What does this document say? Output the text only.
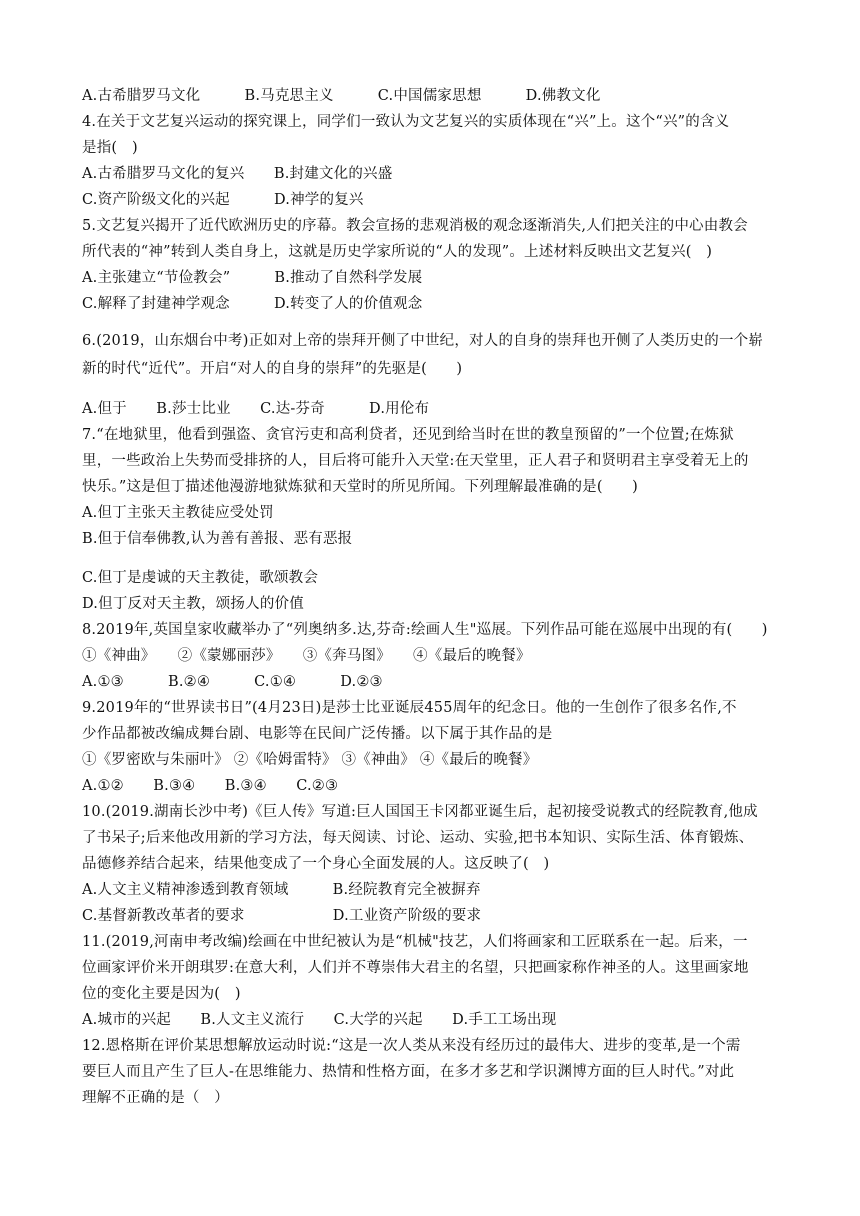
A.古希腊罗马文化　　　B.马克思主义　　　C.中国儒家思想　　　D.佛教文化
4.在关于文艺复兴运动的探究课上，同学们一致认为文艺复兴的实质体现在“兴”上。这个“兴”的含义
是指(　)
A.古希腊罗马文化的复兴　　B.封建文化的兴盛
C.资产阶级文化的兴起　　　D.神学的复兴
5.文艺复兴揭开了近代欧洲历史的序幕。教会宣扬的悲观消极的观念逐渐消失,人们把关注的中心由教会
所代表的“神”转到人类自身上，这就是历史学家所说的“人的发现”。上述材料反映出文艺复兴(　)
A.主张建立“节俭教会”　　　B.推动了自然科学发展
C.解释了封建神学观念　　　D.转变了人的价值观念
6.(2019，山东烟台中考)正如对上帝的崇拜开侧了中世纪，对人的自身的崇拜也开侧了人类历史的一个崭
新的时代“近代”。开启“对人的自身的崇拜”的先驱是(　　)
A.但于　　B.莎士比业　　C.达-芬奇　　　D.用伦布
7.“在地狱里，他看到强盗、贪官污吏和高利贷者，还见到给当时在世的教皇预留的”一个位置;在炼狱
里，一些政治上失势而受排挤的人，目后将可能升入天堂:在天堂里，正人君子和贤明君主享受着无上的
快乐。”这是但丁描述他漫游地狱炼狱和天堂时的所见所闻。下列理解最准确的是(　　)
A.但丁主张天主教徒应受处罚
B.但于信奉佛教,认为善有善报、恶有恶报
C.但丁是虔诚的天主教徒，歌颂教会
D.但丁反对天主教，颂扬人的价值
8.2019年,英国皇家收藏举办了“列奥纳多.达,芬奇:绘画人生"巡展。下列作品可能在巡展中出现的有(　　)
①《神曲》　　②《蒙娜丽莎》　　③《奔马图》　　④《最后的晚餐》
A.①③　　　B.②④　　　C.①④　　　D.②③
9.2019年的“世界读书日”(4月23日)是莎士比亚诞辰455周年的纪念日。他的一生创作了很多名作,不
少作品都被改编成舞台剧、电影等在民间广泛传播。以下属于其作品的是
①《罗密欧与朱丽叶》 ②《哈姆雷特》 ③《神曲》 ④《最后的晚餐》
A.①②　　B.③④　　B.③④　　C.②③
10.(2019.湖南长沙中考)《巨人传》写道:巨人国国王卡冈都亚诞生后，起初接受说教式的经院教育,他成
了书呆子;后来他改用新的学习方法，每天阅读、讨论、运动、实验,把书本知识、实际生活、体育锻炼、
品德修养结合起来，结果他变成了一个身心全面发展的人。这反映了(　)
A.人文主义精神渗透到教育领域　　　B.经院教育完全被摒弃
C.基督新教改革者的要求　　　　　　D.工业资产阶级的要求
11.(2019,河南申考改编)绘画在中世纪被认为是“机械"技艺，人们将画家和工匠联系在一起。后来，一
位画家评价米开朗琪罗:在意大利，人们并不尊崇伟大君主的名望，只把画家称作神圣的人。这里画家地
位的变化主要是因为(　)
A.城市的兴起　　B.人文主义流行　　C.大学的兴起　　D.手工工场出现
12.恩格斯在评价某思想解放运动时说:“这是一次人类从来没有经历过的最伟大、进步的变革,是一个需
要巨人而且产生了巨人-在思维能力、热情和性格方面，在多才多艺和学识渊博方面的巨人时代。”对此
理解不正确的是（　）
